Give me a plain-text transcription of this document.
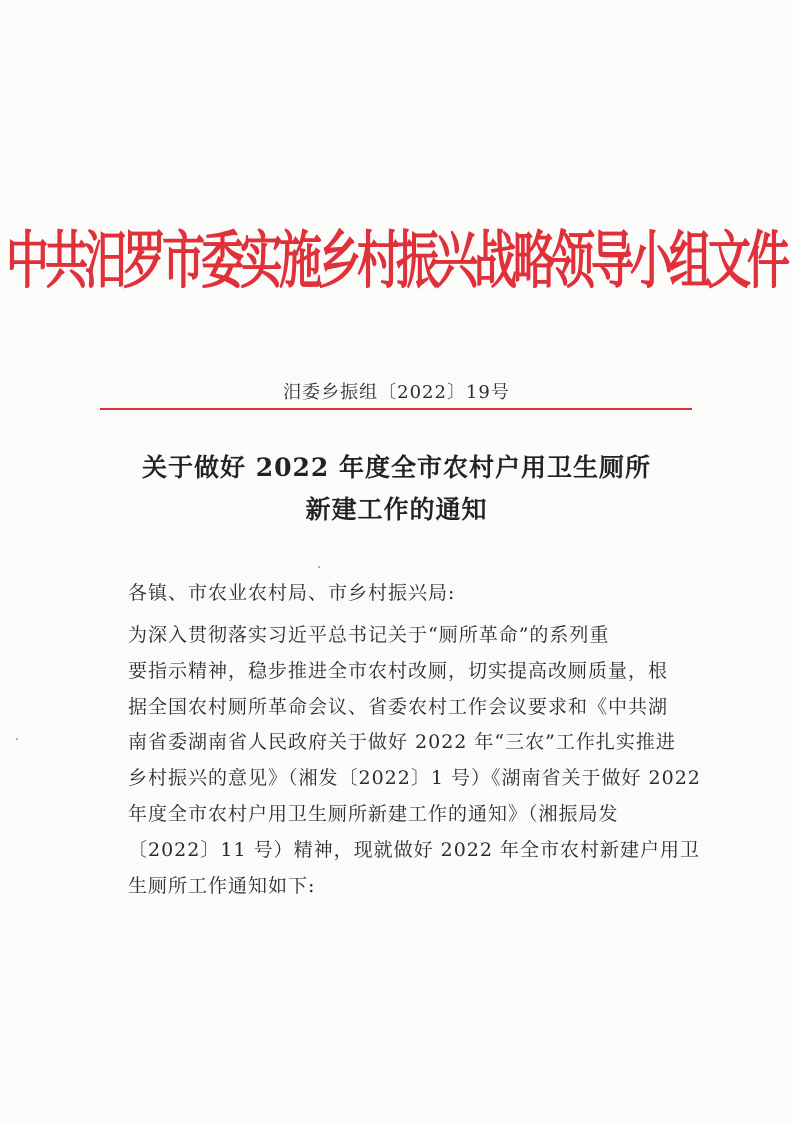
中共汨罗市委实施乡村振兴战略领导小组文件
汨委乡振组〔2022〕19号
关于做好 2022 年度全市农村户用卫生厕所
新建工作的通知
各镇、市农业农村局、市乡村振兴局:
为深入贯彻落实习近平总书记关于“厕所革命”的系列重
要指示精神，稳步推进全市农村改厕，切实提高改厕质量，根
据全国农村厕所革命会议、省委农村工作会议要求和《中共湖
南省委湖南省人民政府关于做好 2022 年“三农”工作扎实推进
乡村振兴的意见》（湘发〔2022〕1 号）《湖南省关于做好 2022
年度全市农村户用卫生厕所新建工作的通知》（湘振局发
〔2022〕11 号）精神，现就做好 2022 年全市农村新建户用卫
生厕所工作通知如下:
